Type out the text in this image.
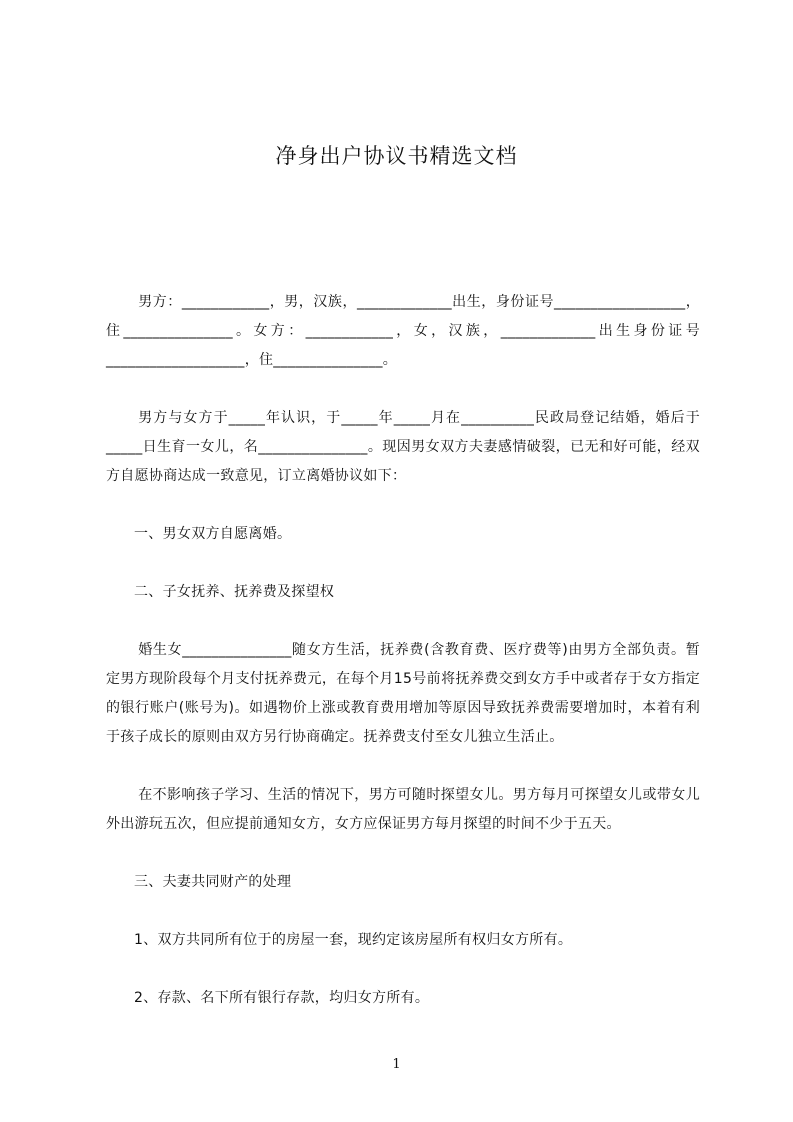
净身出户协议书精选文档

男方：____________，男，汉族，_____________出生，身份证号__________________，住_______________。女方：____________，女，汉族，_____________出生身份证号___________________，住_______________。

男方与女方于_____年认识，于_____年_____月在__________民政局登记结婚，婚后于_____日生育一女儿，名_______________。现因男女双方夫妻感情破裂，已无和好可能，经双方自愿协商达成一致意见，订立离婚协议如下：

一、男女双方自愿离婚。

二、子女抚养、抚养费及探望权

婚生女_______________随女方生活，抚养费(含教育费、医疗费等)由男方全部负责。暂定男方现阶段每个月支付抚养费元，在每个月15号前将抚养费交到女方手中或者存于女方指定的银行账户(账号为)。如遇物价上涨或教育费用增加等原因导致抚养费需要增加时，本着有利于孩子成长的原则由双方另行协商确定。抚养费支付至女儿独立生活止。

在不影响孩子学习、生活的情况下，男方可随时探望女儿。男方每月可探望女儿或带女儿外出游玩五次，但应提前通知女方，女方应保证男方每月探望的时间不少于五天。

三、夫妻共同财产的处理

1、双方共同所有位于的房屋一套，现约定该房屋所有权归女方所有。

2、存款、名下所有银行存款，均归女方所有。

1
